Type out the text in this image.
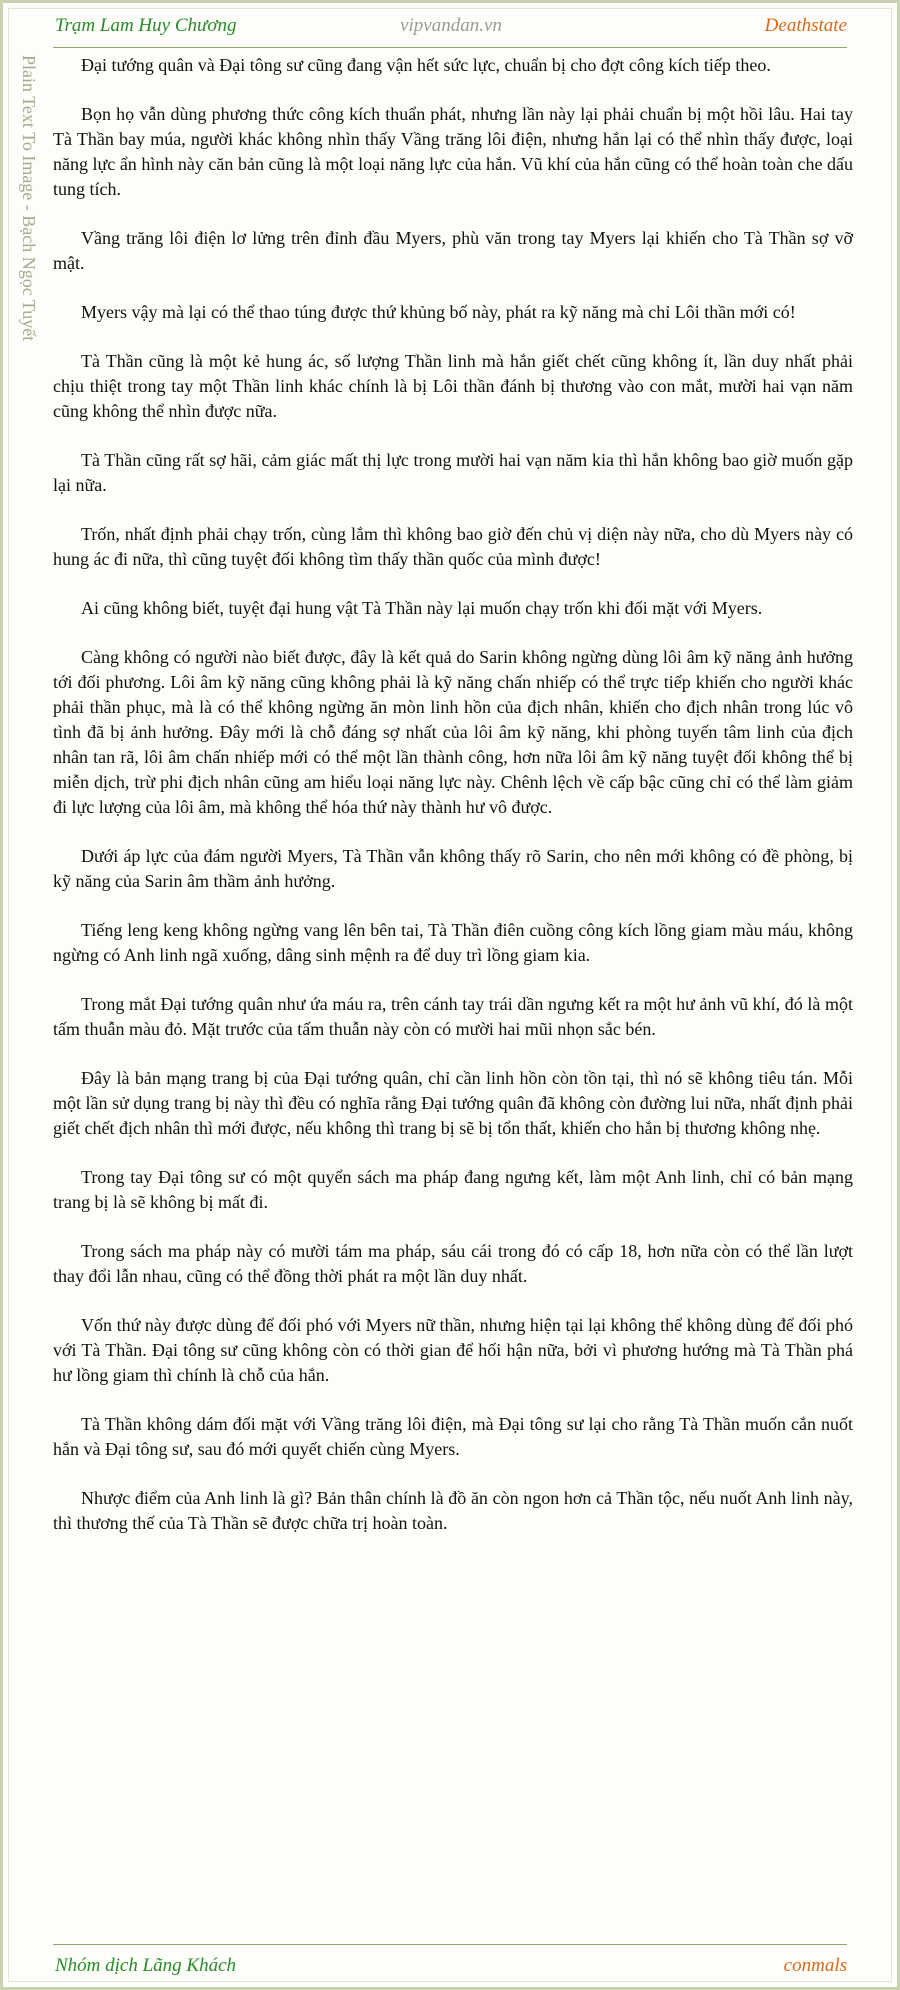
Trạm Lam Huy Chương	vipvandan.vn	Deathstate
Plain Text To Image - Bạch Ngọc Tuyết	Đại tướng quân và Đại tông sư cũng đang vận hết sức lực, chuẩn bị cho đợt công kích tiếp theo.

Bọn họ vẫn dùng phương thức công kích thuẩn phát, nhưng lần này lại phải chuẩn bị một hồi lâu. Hai tay Tà Thần bay múa, người khác không nhìn thấy Vầng trăng lôi điện, nhưng hắn lại có thể nhìn thấy được, loại năng lực ẩn hình này căn bản cũng là một loại năng lực của hắn. Vũ khí của hắn cũng có thể hoàn toàn che dấu tung tích.

Vầng trăng lôi điện lơ lửng trên đỉnh đầu Myers, phù văn trong tay Myers lại khiến cho Tà Thần sợ vỡ mật.

Myers vậy mà lại có thể thao túng được thứ khủng bố này, phát ra kỹ năng mà chỉ Lôi thần mới có!

Tà Thần cũng là một kẻ hung ác, số lượng Thần linh mà hắn giết chết cũng không ít, lần duy nhất phải chịu thiệt trong tay một Thần linh khác chính là bị Lôi thần đánh bị thương vào con mắt, mười hai vạn năm cũng không thể nhìn được nữa.

Tà Thần cũng rất sợ hãi, cảm giác mất thị lực trong mười hai vạn năm kia thì hắn không bao giờ muốn gặp lại nữa.

Trốn, nhất định phải chạy trốn, cùng lắm thì không bao giờ đến chủ vị diện này nữa, cho dù Myers này có hung ác đi nữa, thì cũng tuyệt đối không tìm thấy thần quốc của mình được!

Ai cũng không biết, tuyệt đại hung vật Tà Thần này lại muốn chạy trốn khi đối mặt với Myers.

Càng không có người nào biết được, đây là kết quả do Sarin không ngừng dùng lôi âm kỹ năng ảnh hưởng tới đối phương. Lôi âm kỹ năng cũng không phải là kỹ năng chấn nhiếp có thể trực tiếp khiến cho người khác phải thần phục, mà là có thể không ngừng ăn mòn linh hồn của địch nhân, khiến cho địch nhân trong lúc vô tình đã bị ảnh hưởng. Đây mới là chỗ đáng sợ nhất của lôi âm kỹ năng, khi phòng tuyến tâm linh của địch nhân tan rã, lôi âm chấn nhiếp mới có thể một lần thành công, hơn nữa lôi âm kỹ năng tuyệt đối không thể bị miễn dịch, trừ phi địch nhân cũng am hiểu loại năng lực này. Chênh lệch về cấp bậc cũng chỉ có thể làm giảm đi lực lượng của lôi âm, mà không thể hóa thứ này thành hư vô được.

Dưới áp lực của đám người Myers, Tà Thần vẫn không thấy rõ Sarin, cho nên mới không có đề phòng, bị kỹ năng của Sarin âm thầm ảnh hưởng.

Tiếng leng keng không ngừng vang lên bên tai, Tà Thần điên cuồng công kích lồng giam màu máu, không ngừng có Anh linh ngã xuống, dâng sinh mệnh ra để duy trì lồng giam kia.

Trong mắt Đại tướng quân như ứa máu ra, trên cánh tay trái dần ngưng kết ra một hư ảnh vũ khí, đó là một tấm thuẫn màu đỏ. Mặt trước của tấm thuẫn này còn có mười hai mũi nhọn sắc bén.

Đây là bản mạng trang bị của Đại tướng quân, chỉ cần linh hồn còn tồn tại, thì nó sẽ không tiêu tán. Mỗi một lần sử dụng trang bị này thì đều có nghĩa rằng Đại tướng quân đã không còn đường lui nữa, nhất định phải giết chết địch nhân thì mới được, nếu không thì trang bị sẽ bị tổn thất, khiến cho hắn bị thương không nhẹ.

Trong tay Đại tông sư có một quyển sách ma pháp đang ngưng kết, làm một Anh linh, chỉ có bản mạng trang bị là sẽ không bị mất đi.

Trong sách ma pháp này có mười tám ma pháp, sáu cái trong đó có cấp 18, hơn nữa còn có thể lần lượt thay đổi lẫn nhau, cũng có thể đồng thời phát ra một lần duy nhất.

Vốn thứ này được dùng để đối phó với Myers nữ thần, nhưng hiện tại lại không thể không dùng để đối phó với Tà Thần. Đại tông sư cũng không còn có thời gian để hối hận nữa, bởi vì phương hướng mà Tà Thần phá hư lồng giam thì chính là chỗ của hắn.

Tà Thần không dám đối mặt với Vầng trăng lôi điện, mà Đại tông sư lại cho rằng Tà Thần muốn cắn nuốt hắn và Đại tông sư, sau đó mới quyết chiến cùng Myers.

Nhược điểm của Anh linh là gì? Bản thân chính là đồ ăn còn ngon hơn cả Thần tộc, nếu nuốt Anh linh này, thì thương thế của Tà Thần sẽ được chữa trị hoàn toàn.

Nhóm dịch Lãng Khách	conmals
